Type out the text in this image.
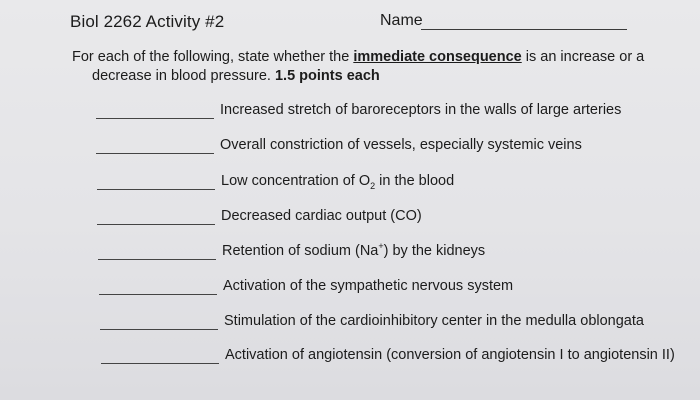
Biol 2262 Activity #2	Name
For each of the following, state whether the immediate consequence is an increase or a
decrease in blood pressure. 1.5 points each
Increased stretch of baroreceptors in the walls of large arteries
Overall constriction of vessels, especially systemic veins
Low concentration of $O_2$ in the blood
Decreased cardiac output (CO)
Retention of sodium (Na+) by the kidneys
Activation of the sympathetic nervous system
Stimulation of the cardioinhibitory center in the medulla oblongata
Activation of angiotensin (conversion of angiotensin I to angiotensin II)
